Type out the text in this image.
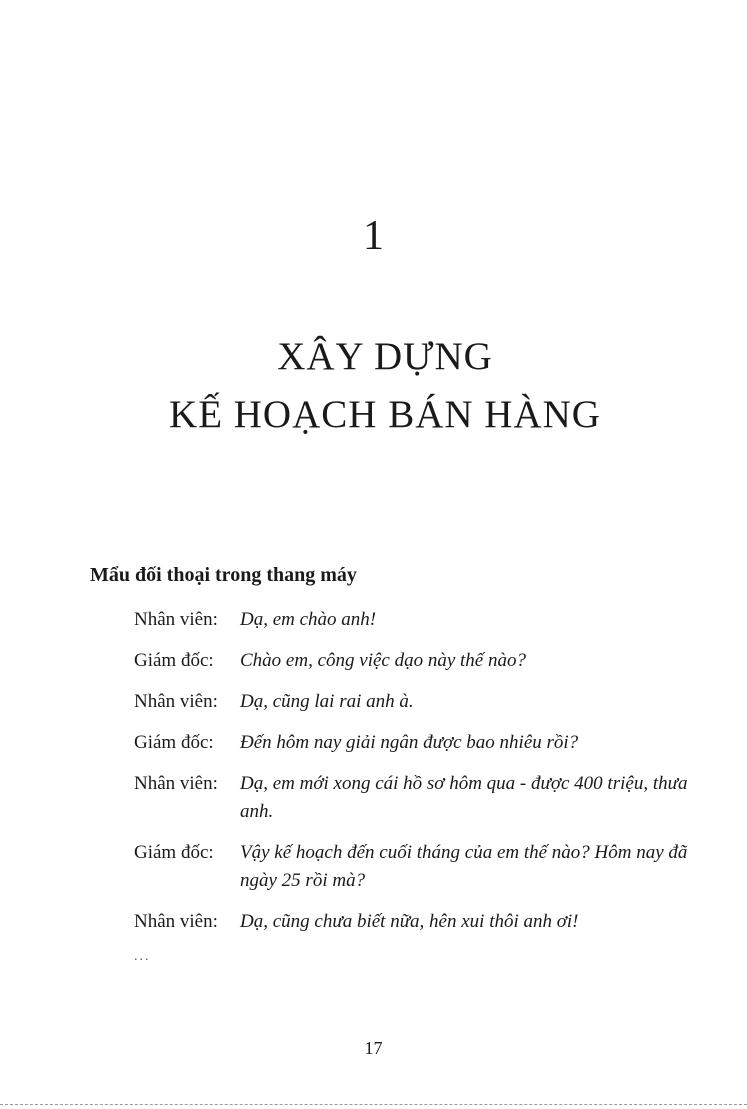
1
XÂY DỰNG
KẾ HOẠCH BÁN HÀNG
Mẩu đối thoại trong thang máy
Nhân viên: Dạ, em chào anh!
Giám đốc: Chào em, công việc dạo này thế nào?
Nhân viên: Dạ, cũng lai rai anh à.
Giám đốc: Đến hôm nay giải ngân được bao nhiêu rồi?
Nhân viên: Dạ, em mới xong cái hồ sơ hôm qua - được 400 triệu, thưa anh.
Giám đốc: Vậy kế hoạch đến cuối tháng của em thế nào? Hôm nay đã ngày 25 rồi mà?
Nhân viên: Dạ, cũng chưa biết nữa, hên xui thôi anh ơi!
...
17
